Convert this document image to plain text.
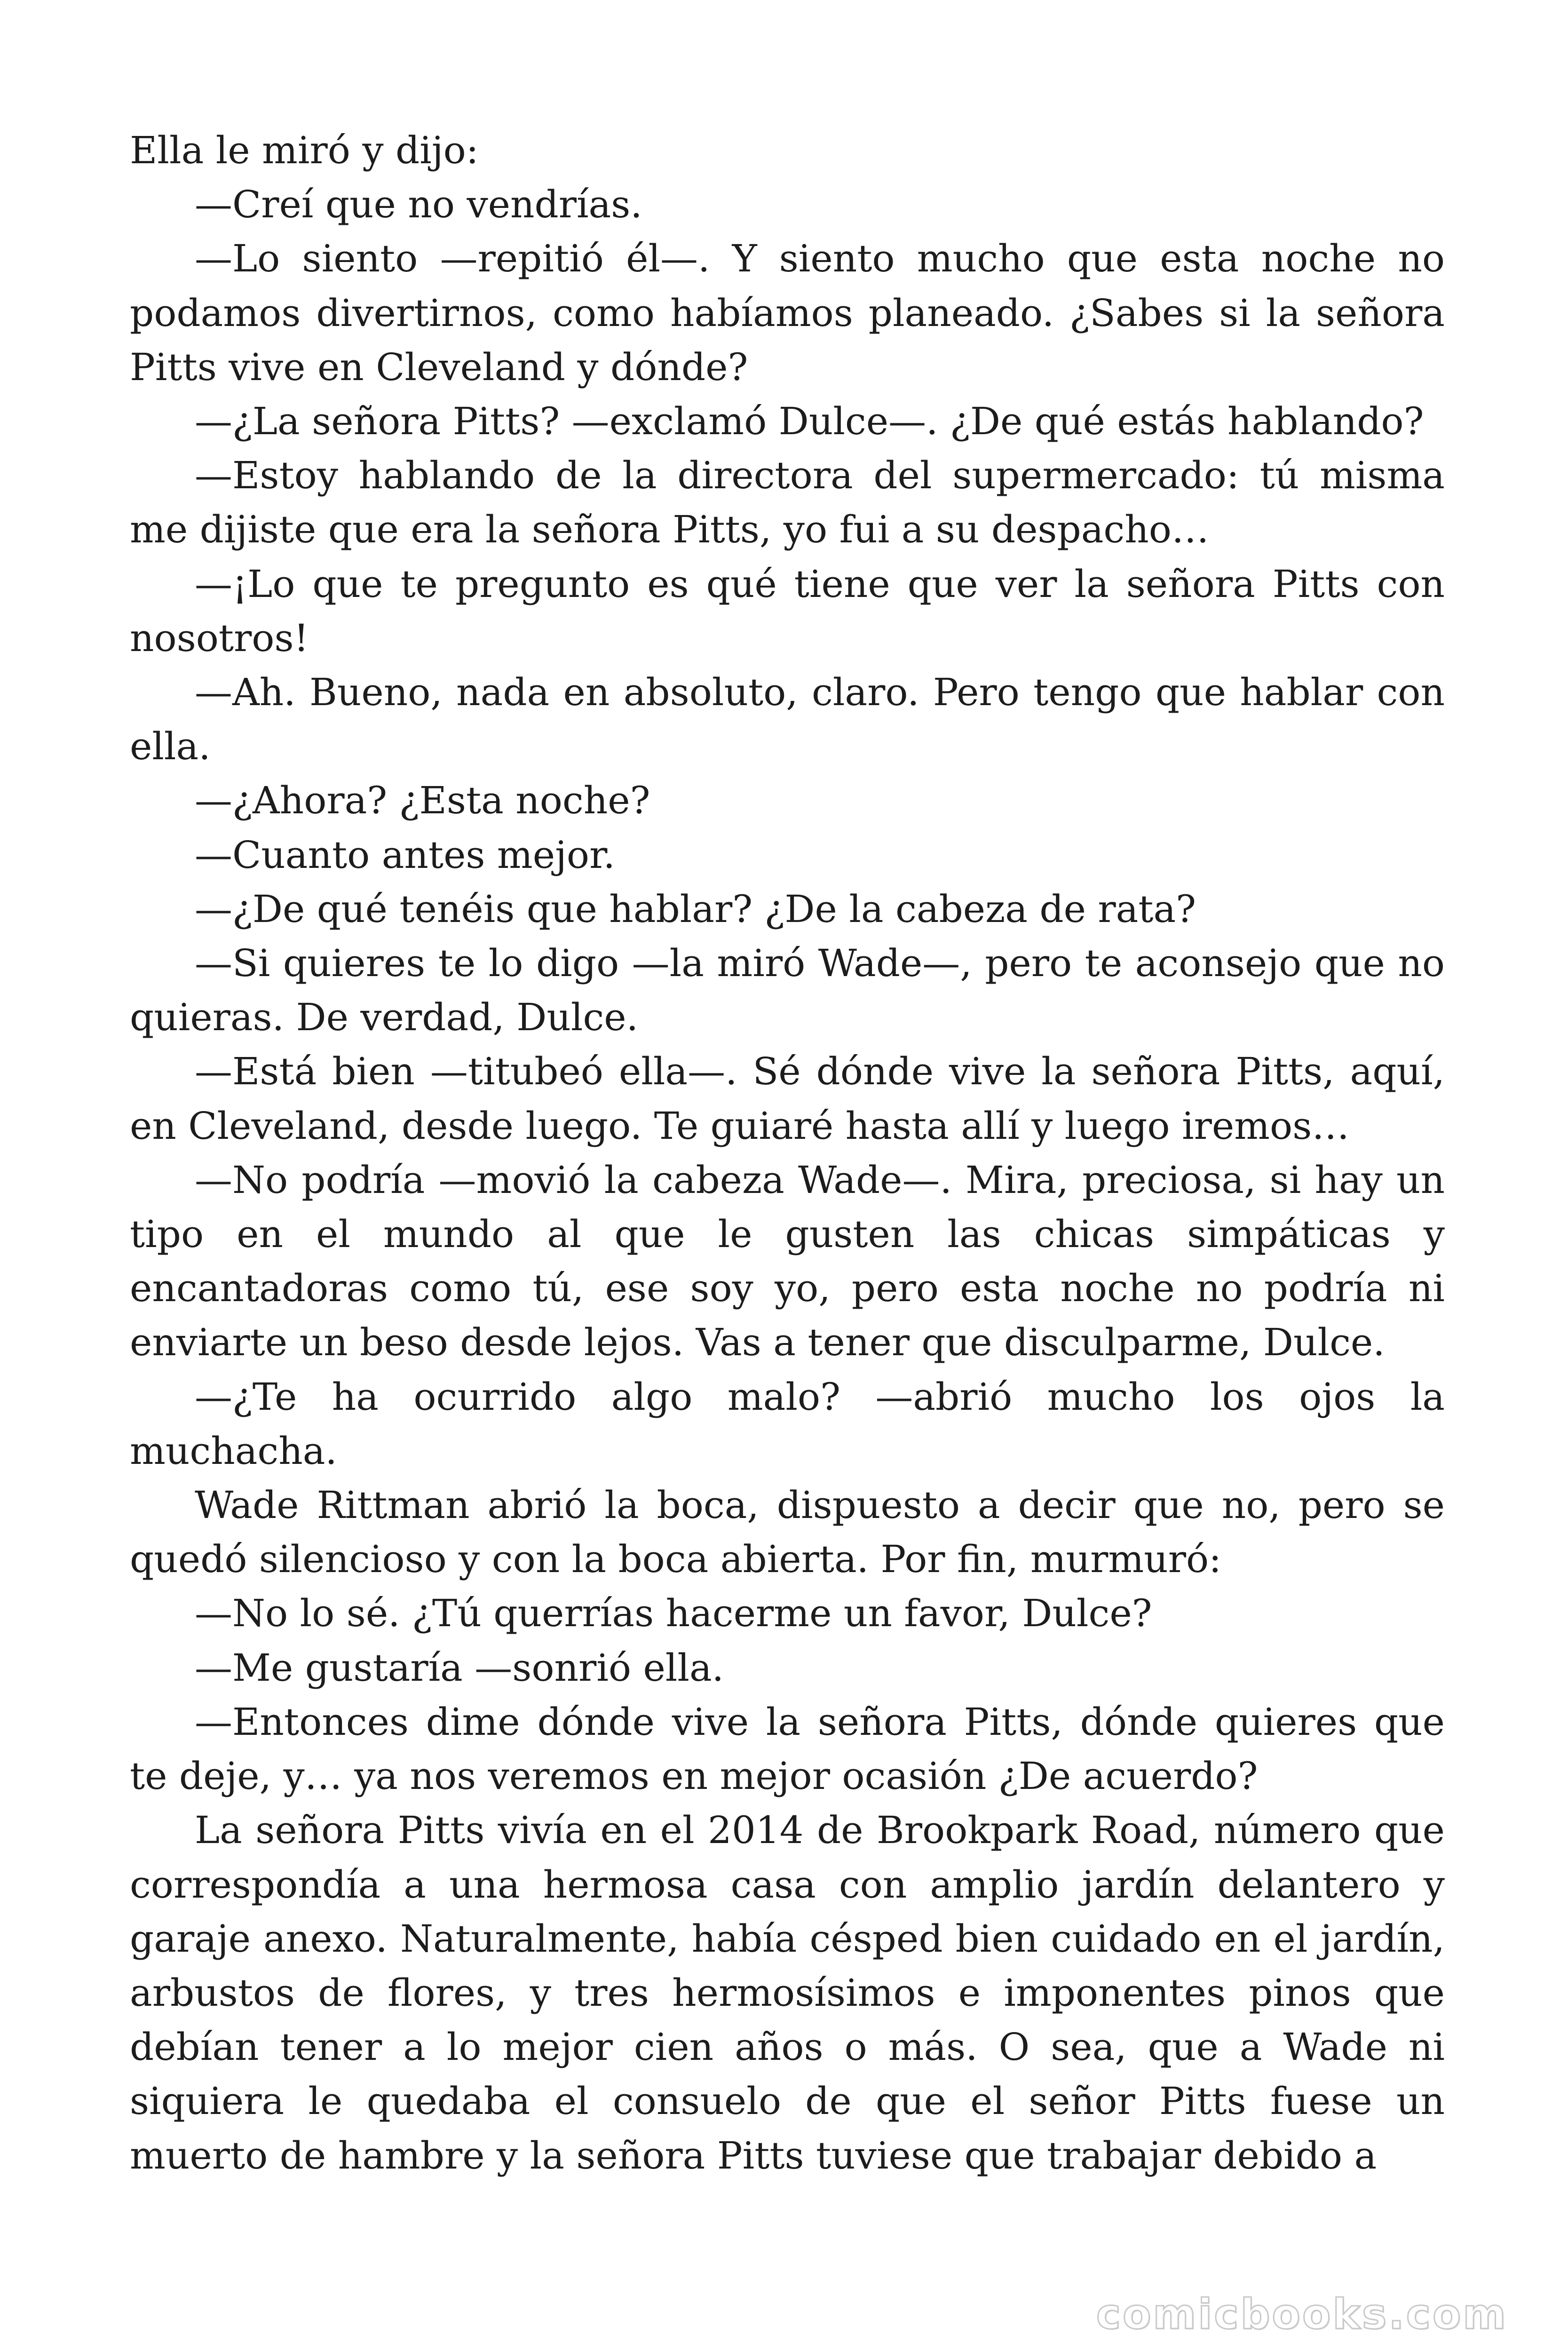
Ella le miró y dijo:

—Creí que no vendrías.

—Lo siento —repitió él—. Y siento mucho que esta noche no podamos divertirnos, como habíamos planeado. ¿Sabes si la señora Pitts vive en Cleveland y dónde?

—¿La señora Pitts? —exclamó Dulce—. ¿De qué estás hablando?

—Estoy hablando de la directora del supermercado: tú misma me dijiste que era la señora Pitts, yo fui a su despacho…

—¡Lo que te pregunto es qué tiene que ver la señora Pitts con nosotros!

—Ah. Bueno, nada en absoluto, claro. Pero tengo que hablar con ella.

—¿Ahora? ¿Esta noche?

—Cuanto antes mejor.

—¿De qué tenéis que hablar? ¿De la cabeza de rata?

—Si quieres te lo digo —la miró Wade—, pero te aconsejo que no quieras. De verdad, Dulce.

—Está bien —titubeó ella—. Sé dónde vive la señora Pitts, aquí, en Cleveland, desde luego. Te guiaré hasta allí y luego iremos…

—No podría —movió la cabeza Wade—. Mira, preciosa, si hay un tipo en el mundo al que le gusten las chicas simpáticas y encantadoras como tú, ese soy yo, pero esta noche no podría ni enviarte un beso desde lejos. Vas a tener que disculparme, Dulce.

—¿Te ha ocurrido algo malo? —abrió mucho los ojos la muchacha.

Wade Rittman abrió la boca, dispuesto a decir que no, pero se quedó silencioso y con la boca abierta. Por fin, murmuró:

—No lo sé. ¿Tú querrías hacerme un favor, Dulce?

—Me gustaría —sonrió ella.

—Entonces dime dónde vive la señora Pitts, dónde quieres que te deje, y… ya nos veremos en mejor ocasión ¿De acuerdo?

La señora Pitts vivía en el 2014 de Brookpark Road, número que correspondía a una hermosa casa con amplio jardín delantero y garaje anexo. Naturalmente, había césped bien cuidado en el jardín, arbustos de flores, y tres hermosísimos e imponentes pinos que debían tener a lo mejor cien años o más. O sea, que a Wade ni siquiera le quedaba el consuelo de que el señor Pitts fuese un muerto de hambre y la señora Pitts tuviese que trabajar debido a

comicbooks.com
